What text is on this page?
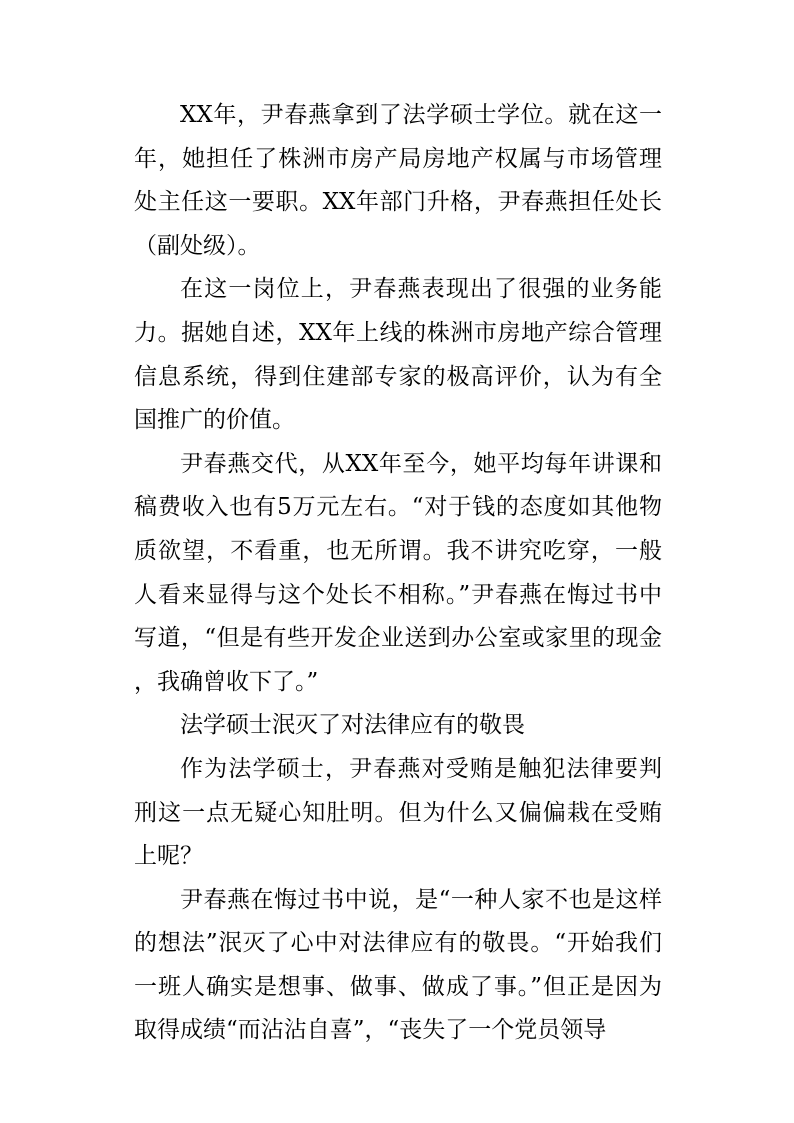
XX年，尹春燕拿到了法学硕士学位。就在这一年，她担任了株洲市房产局房地产权属与市场管理处主任这一要职。XX年部门升格，尹春燕担任处长（副处级）。

在这一岗位上，尹春燕表现出了很强的业务能力。据她自述，XX年上线的株洲市房地产综合管理信息系统，得到住建部专家的极高评价，认为有全国推广的价值。

尹春燕交代，从XX年至今，她平均每年讲课和稿费收入也有5万元左右。“对于钱的态度如其他物质欲望，不看重，也无所谓。我不讲究吃穿，一般人看来显得与这个处长不相称。”尹春燕在悔过书中写道，“但是有些开发企业送到办公室或家里的现金，我确曾收下了。”

法学硕士泯灭了对法律应有的敬畏

作为法学硕士，尹春燕对受贿是触犯法律要判刑这一点无疑心知肚明。但为什么又偏偏栽在受贿上呢？

尹春燕在悔过书中说，是“一种人家不也是这样的想法”泯灭了心中对法律应有的敬畏。“开始我们一班人确实是想事、做事、做成了事。”但正是因为取得成绩“而沾沾自喜”，“丧失了一个党员领导
